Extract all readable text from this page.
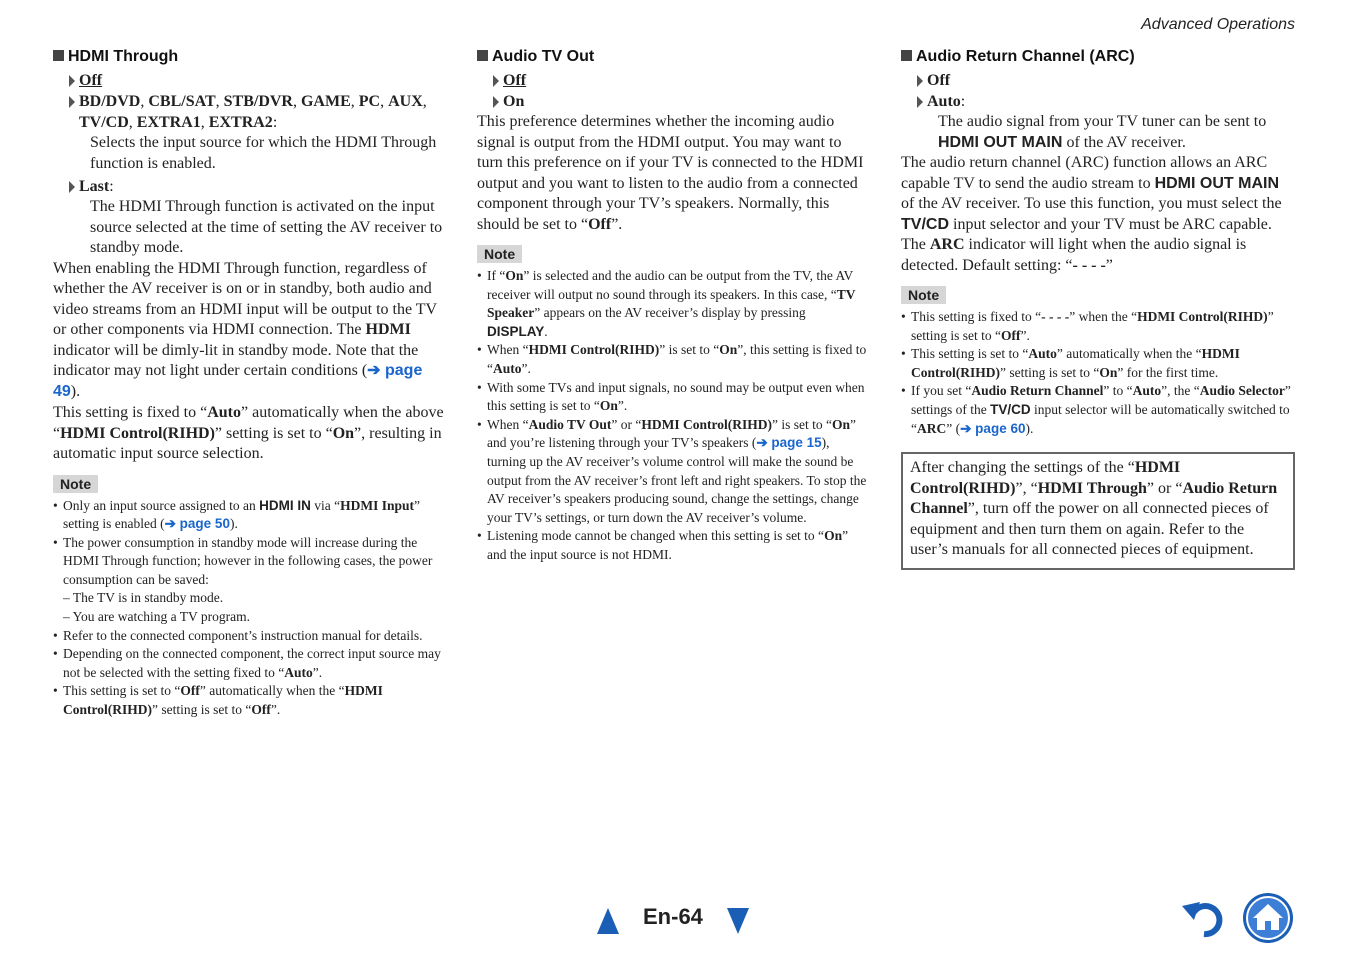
Advanced Operations
HDMI Through
Off
BD/DVD, CBL/SAT, STB/DVR, GAME, PC, AUX,
TV/CD, EXTRA1, EXTRA2:
Selects the input source for which the HDMI Through function is enabled.
Last:
The HDMI Through function is activated on the input source selected at the time of setting the AV receiver to standby mode.

When enabling the HDMI Through function, regardless of whether the AV receiver is on or in standby, both audio and video streams from an HDMI input will be output to the TV or other components via HDMI connection. The HDMI indicator will be dimly-lit in standby mode. Note that the indicator may not light under certain conditions (➔ page 49).

This setting is fixed to “Auto” automatically when the above “HDMI Control(RIHD)” setting is set to “On”, resulting in automatic input source selection.

Note
• Only an input source assigned to an HDMI IN via “HDMI Input” setting is enabled (➔ page 50).
• The power consumption in standby mode will increase during the HDMI Through function; however in the following cases, the power consumption can be saved:
– The TV is in standby mode.
– You are watching a TV program.
• Refer to the connected component’s instruction manual for details.
• Depending on the connected component, the correct input source may not be selected with the setting fixed to “Auto”.
• This setting is set to “Off” automatically when the “HDMI Control(RIHD)” setting is set to “Off”.
Audio TV Out
Off
On

This preference determines whether the incoming audio signal is output from the HDMI output. You may want to turn this preference on if your TV is connected to the HDMI output and you want to listen to the audio from a connected component through your TV’s speakers. Normally, this should be set to “Off”.

Note
• If “On” is selected and the audio can be output from the TV, the AV receiver will output no sound through its speakers. In this case, “TV Speaker” appears on the AV receiver’s display by pressing DISPLAY.
• When “HDMI Control(RIHD)” is set to “On”, this setting is fixed to “Auto”.
• With some TVs and input signals, no sound may be output even when this setting is set to “On”.
• When “Audio TV Out” or “HDMI Control(RIHD)” is set to “On” and you’re listening through your TV’s speakers (➔ page 15), turning up the AV receiver’s volume control will make the sound be output from the AV receiver’s front left and right speakers. To stop the AV receiver’s speakers producing sound, change the settings, change your TV’s settings, or turn down the AV receiver’s volume.
• Listening mode cannot be changed when this setting is set to “On” and the input source is not HDMI.
Audio Return Channel (ARC)
Off
Auto:
The audio signal from your TV tuner can be sent to HDMI OUT MAIN of the AV receiver.

The audio return channel (ARC) function allows an ARC capable TV to send the audio stream to HDMI OUT MAIN of the AV receiver. To use this function, you must select the TV/CD input selector and your TV must be ARC capable. The ARC indicator will light when the audio signal is detected. Default setting: “- - - -”

Note
• This setting is fixed to “- - - -” when the “HDMI Control(RIHD)” setting is set to “Off”.
• This setting is set to “Auto” automatically when the “HDMI Control(RIHD)” setting is set to “On” for the first time.
• If you set “Audio Return Channel” to “Auto”, the “Audio Selector” settings of the TV/CD input selector will be automatically switched to “ARC” (➔ page 60).
After changing the settings of the “HDMI Control(RIHD)”, “HDMI Through” or “Audio Return Channel”, turn off the power on all connected pieces of equipment and then turn them on again. Refer to the user’s manuals for all connected pieces of equipment.
En-64
